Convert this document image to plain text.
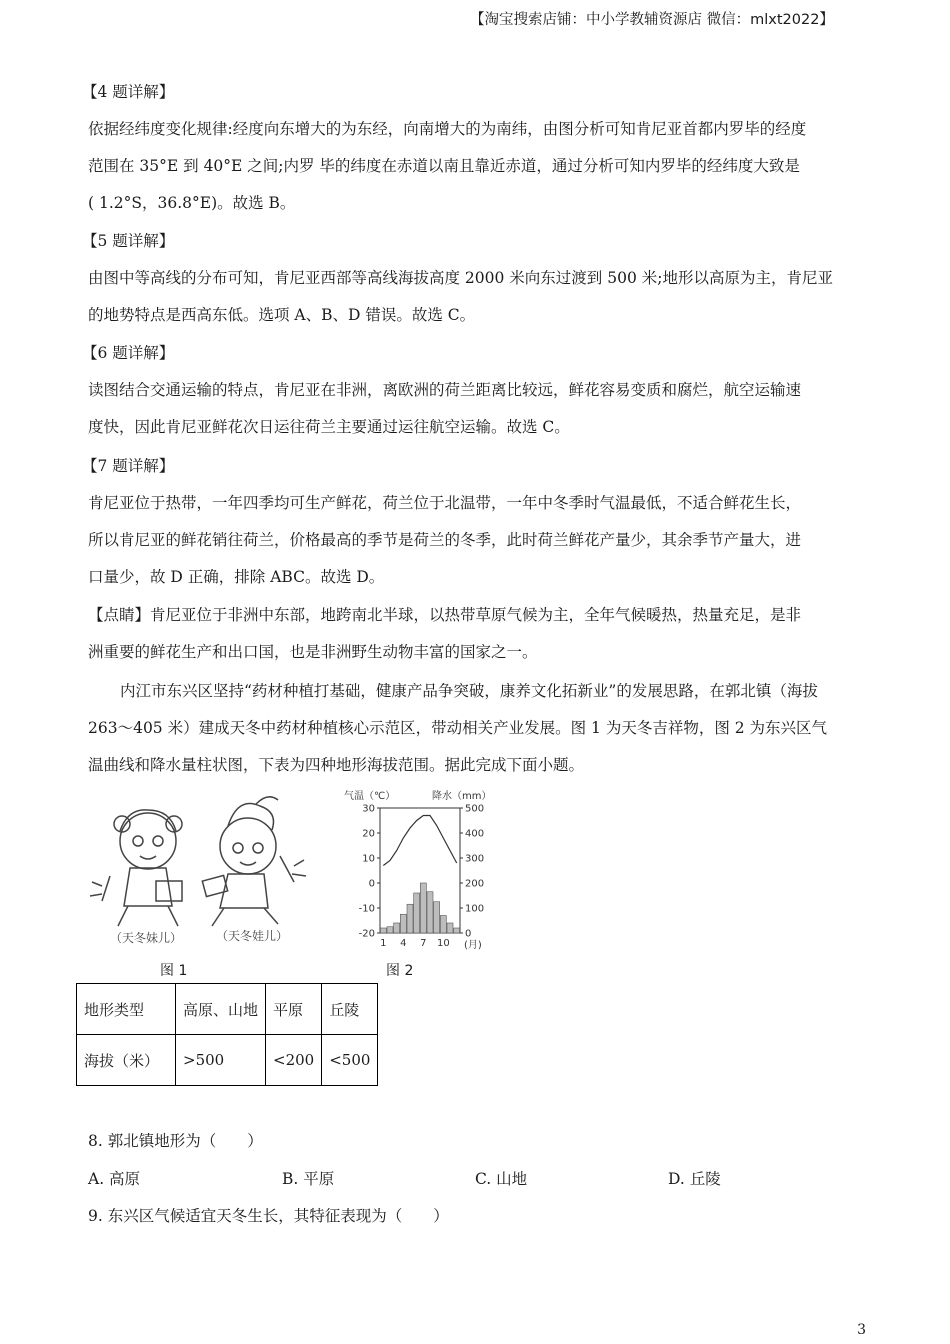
【淘宝搜索店铺：中小学教辅资源店 微信：mlxt2022】
【4 题详解】
依据经纬度变化规律:经度向东增大的为东经，向南增大的为南纬，由图分析可知肯尼亚首都内罗毕的经度
范围在 35°E 到 40°E 之间;内罗 毕的纬度在赤道以南且靠近赤道，通过分析可知内罗毕的经纬度大致是
( 1.2°S，36.8°E)。故选 B。
【5 题详解】
由图中等高线的分布可知，肯尼亚西部等高线海拔高度 2000 米向东过渡到 500 米;地形以高原为主，肯尼亚
的地势特点是西高东低。选项 A、B、D 错误。故选 C。
【6 题详解】
读图结合交通运输的特点，肯尼亚在非洲，离欧洲的荷兰距离比较远，鲜花容易变质和腐烂，航空运输速
度快，因此肯尼亚鲜花次日运往荷兰主要通过运往航空运输。故选 C。
【7 题详解】
肯尼亚位于热带，一年四季均可生产鲜花，荷兰位于北温带，一年中冬季时气温最低，不适合鲜花生长，
所以肯尼亚的鲜花销往荷兰，价格最高的季节是荷兰的冬季，此时荷兰鲜花产量少，其余季节产量大，进
口量少，故 D 正确，排除 ABC。故选 D。
【点睛】肯尼亚位于非洲中东部，地跨南北半球，以热带草原气候为主，全年气候暖热，热量充足，是非
洲重要的鲜花生产和出口国，也是非洲野生动物丰富的国家之一。
内江市东兴区坚持“药材种植打基础，健康产品争突破，康养文化拓新业”的发展思路，在郭北镇（海拔
263～405 米）建成天冬中药材种植核心示范区，带动相关产业发展。图 1 为天冬吉祥物，图 2 为东兴区气
温曲线和降水量柱状图，下表为四种地形海拔范围。据此完成下面小题。
（天冬妹儿）	（天冬娃儿）
图 1
气温（℃）	降水（mm）
-20
-10
0
10
20
30
0
100
200
300
400
500
1 4 7 10 (月)
图 2
地形类型	高原、山地	平原	丘陵
海拔（米）	>500	<200	<500
8. 郭北镇地形为（　　）
A. 高原	B. 平原	C. 山地	D. 丘陵
9. 东兴区气候适宜天冬生长，其特征表现为（　　）
3
